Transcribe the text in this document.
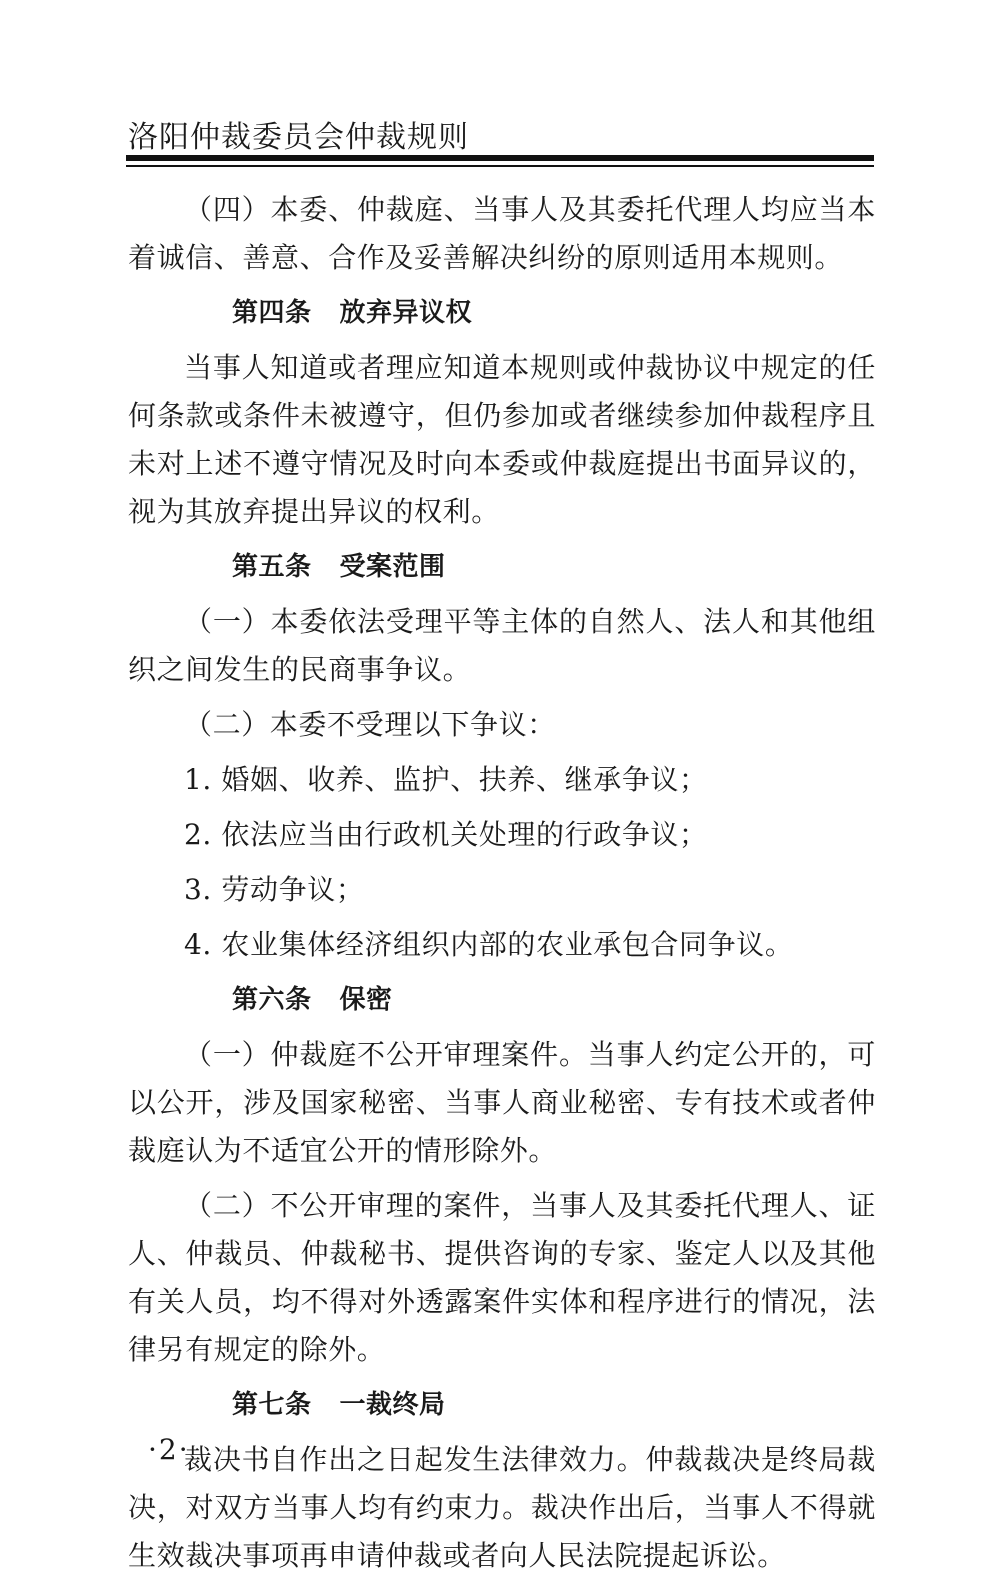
洛阳仲裁委员会仲裁规则

（四）本委、仲裁庭、当事人及其委托代理人均应当本着诚信、善意、合作及妥善解决纠纷的原则适用本规则。

第四条 放弃异议权

当事人知道或者理应知道本规则或仲裁协议中规定的任何条款或条件未被遵守，但仍参加或者继续参加仲裁程序且未对上述不遵守情况及时向本委或仲裁庭提出书面异议的，视为其放弃提出异议的权利。

第五条 受案范围

（一）本委依法受理平等主体的自然人、法人和其他组织之间发生的民商事争议。

（二）本委不受理以下争议：

1. 婚姻、收养、监护、扶养、继承争议；

2. 依法应当由行政机关处理的行政争议；

3. 劳动争议；

4. 农业集体经济组织内部的农业承包合同争议。

第六条 保密

（一）仲裁庭不公开审理案件。当事人约定公开的，可以公开，涉及国家秘密、当事人商业秘密、专有技术或者仲裁庭认为不适宜公开的情形除外。

（二）不公开审理的案件，当事人及其委托代理人、证人、仲裁员、仲裁秘书、提供咨询的专家、鉴定人以及其他有关人员，均不得对外透露案件实体和程序进行的情况，法律另有规定的除外。

第七条 一裁终局

裁决书自作出之日起发生法律效力。仲裁裁决是终局裁决，对双方当事人均有约束力。裁决作出后，当事人不得就生效裁决事项再申请仲裁或者向人民法院提起诉讼。

·2·
